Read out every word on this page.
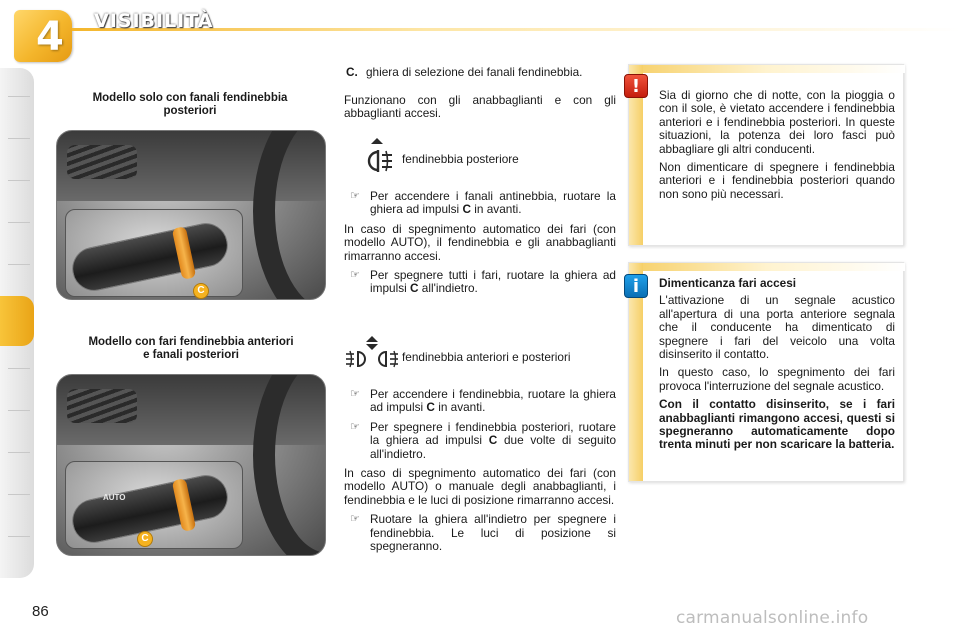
4 VISIBILITÀ
Modello solo con fanali fendinebbia posteriori
C
Modello con fari fendinebbia anteriori e fanali posteriori
AUTO
C

C. ghiera di selezione dei fanali fendinebbia.

Funzionano con gli anabbaglianti e con gli abbaglianti accesi.

fendinebbia posteriore

☞ Per accendere i fanali antinebbia, ruotare la ghiera ad impulsi C in avanti.

In caso di spegnimento automatico dei fari (con modello AUTO), il fendinebbia e gli anabbaglianti rimarranno accesi.

☞ Per spegnere tutti i fari, ruotare la ghiera ad impulsi C all'indietro.

fendinebbia anteriori e posteriori

☞ Per accendere i fendinebbia, ruotare la ghiera ad impulsi C in avanti.

☞ Per spegnere i fendinebbia posteriori, ruotare la ghiera ad impulsi C due volte di seguito all'indietro.

In caso di spegnimento automatico dei fari (con modello AUTO) o manuale degli anabbaglianti, i fendinebbia e le luci di posizione rimarranno accesi.

☞ Ruotare la ghiera all'indietro per spegnere i fendinebbia. Le luci di posizione si spegneranno.

Sia di giorno che di notte, con la pioggia o con il sole, è vietato accendere i fendinebbia anteriori e i fendinebbia posteriori. In queste situazioni, la potenza dei loro fasci può abbagliare gli altri conducenti.

Non dimenticare di spegnere i fendinebbia anteriori e i fendinebbia posteriori quando non sono più necessari.

!

Dimenticanza fari accesi

L'attivazione di un segnale acustico all'apertura di una porta anteriore segnala che il conducente ha dimenticato di spegnere i fari del veicolo una volta disinserito il contatto.

In questo caso, lo spegnimento dei fari provoca l'interruzione del segnale acustico.

Con il contatto disinserito, se i fari anabbaglianti rimangono accesi, questi si spegneranno automaticamente dopo trenta minuti per non scaricare la batteria.

i
86	carmanualsonline.info
